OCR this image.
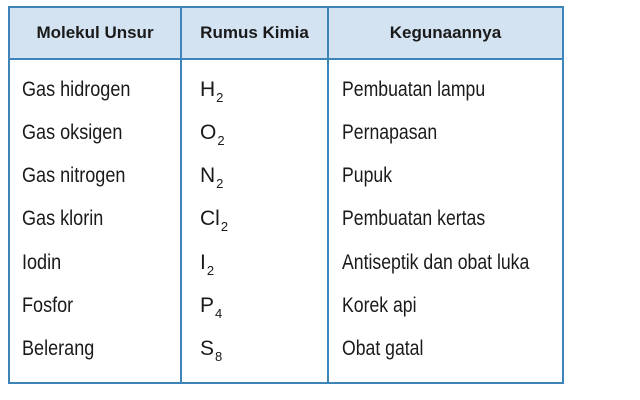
Molekul Unsur	Rumus Kimia	Kegunaannya
Gas hidrogen	$H_2$	Pembuatan lampu
Gas oksigen	$O_2$	Pernapasan
Gas nitrogen	$N_2$	Pupuk
Gas klorin	$Cl_2$	Pembuatan kertas
Iodin	$I_2$	Antiseptik dan obat luka
Fosfor	$P_4$	Korek api
Belerang	$S_8$	Obat gatal
